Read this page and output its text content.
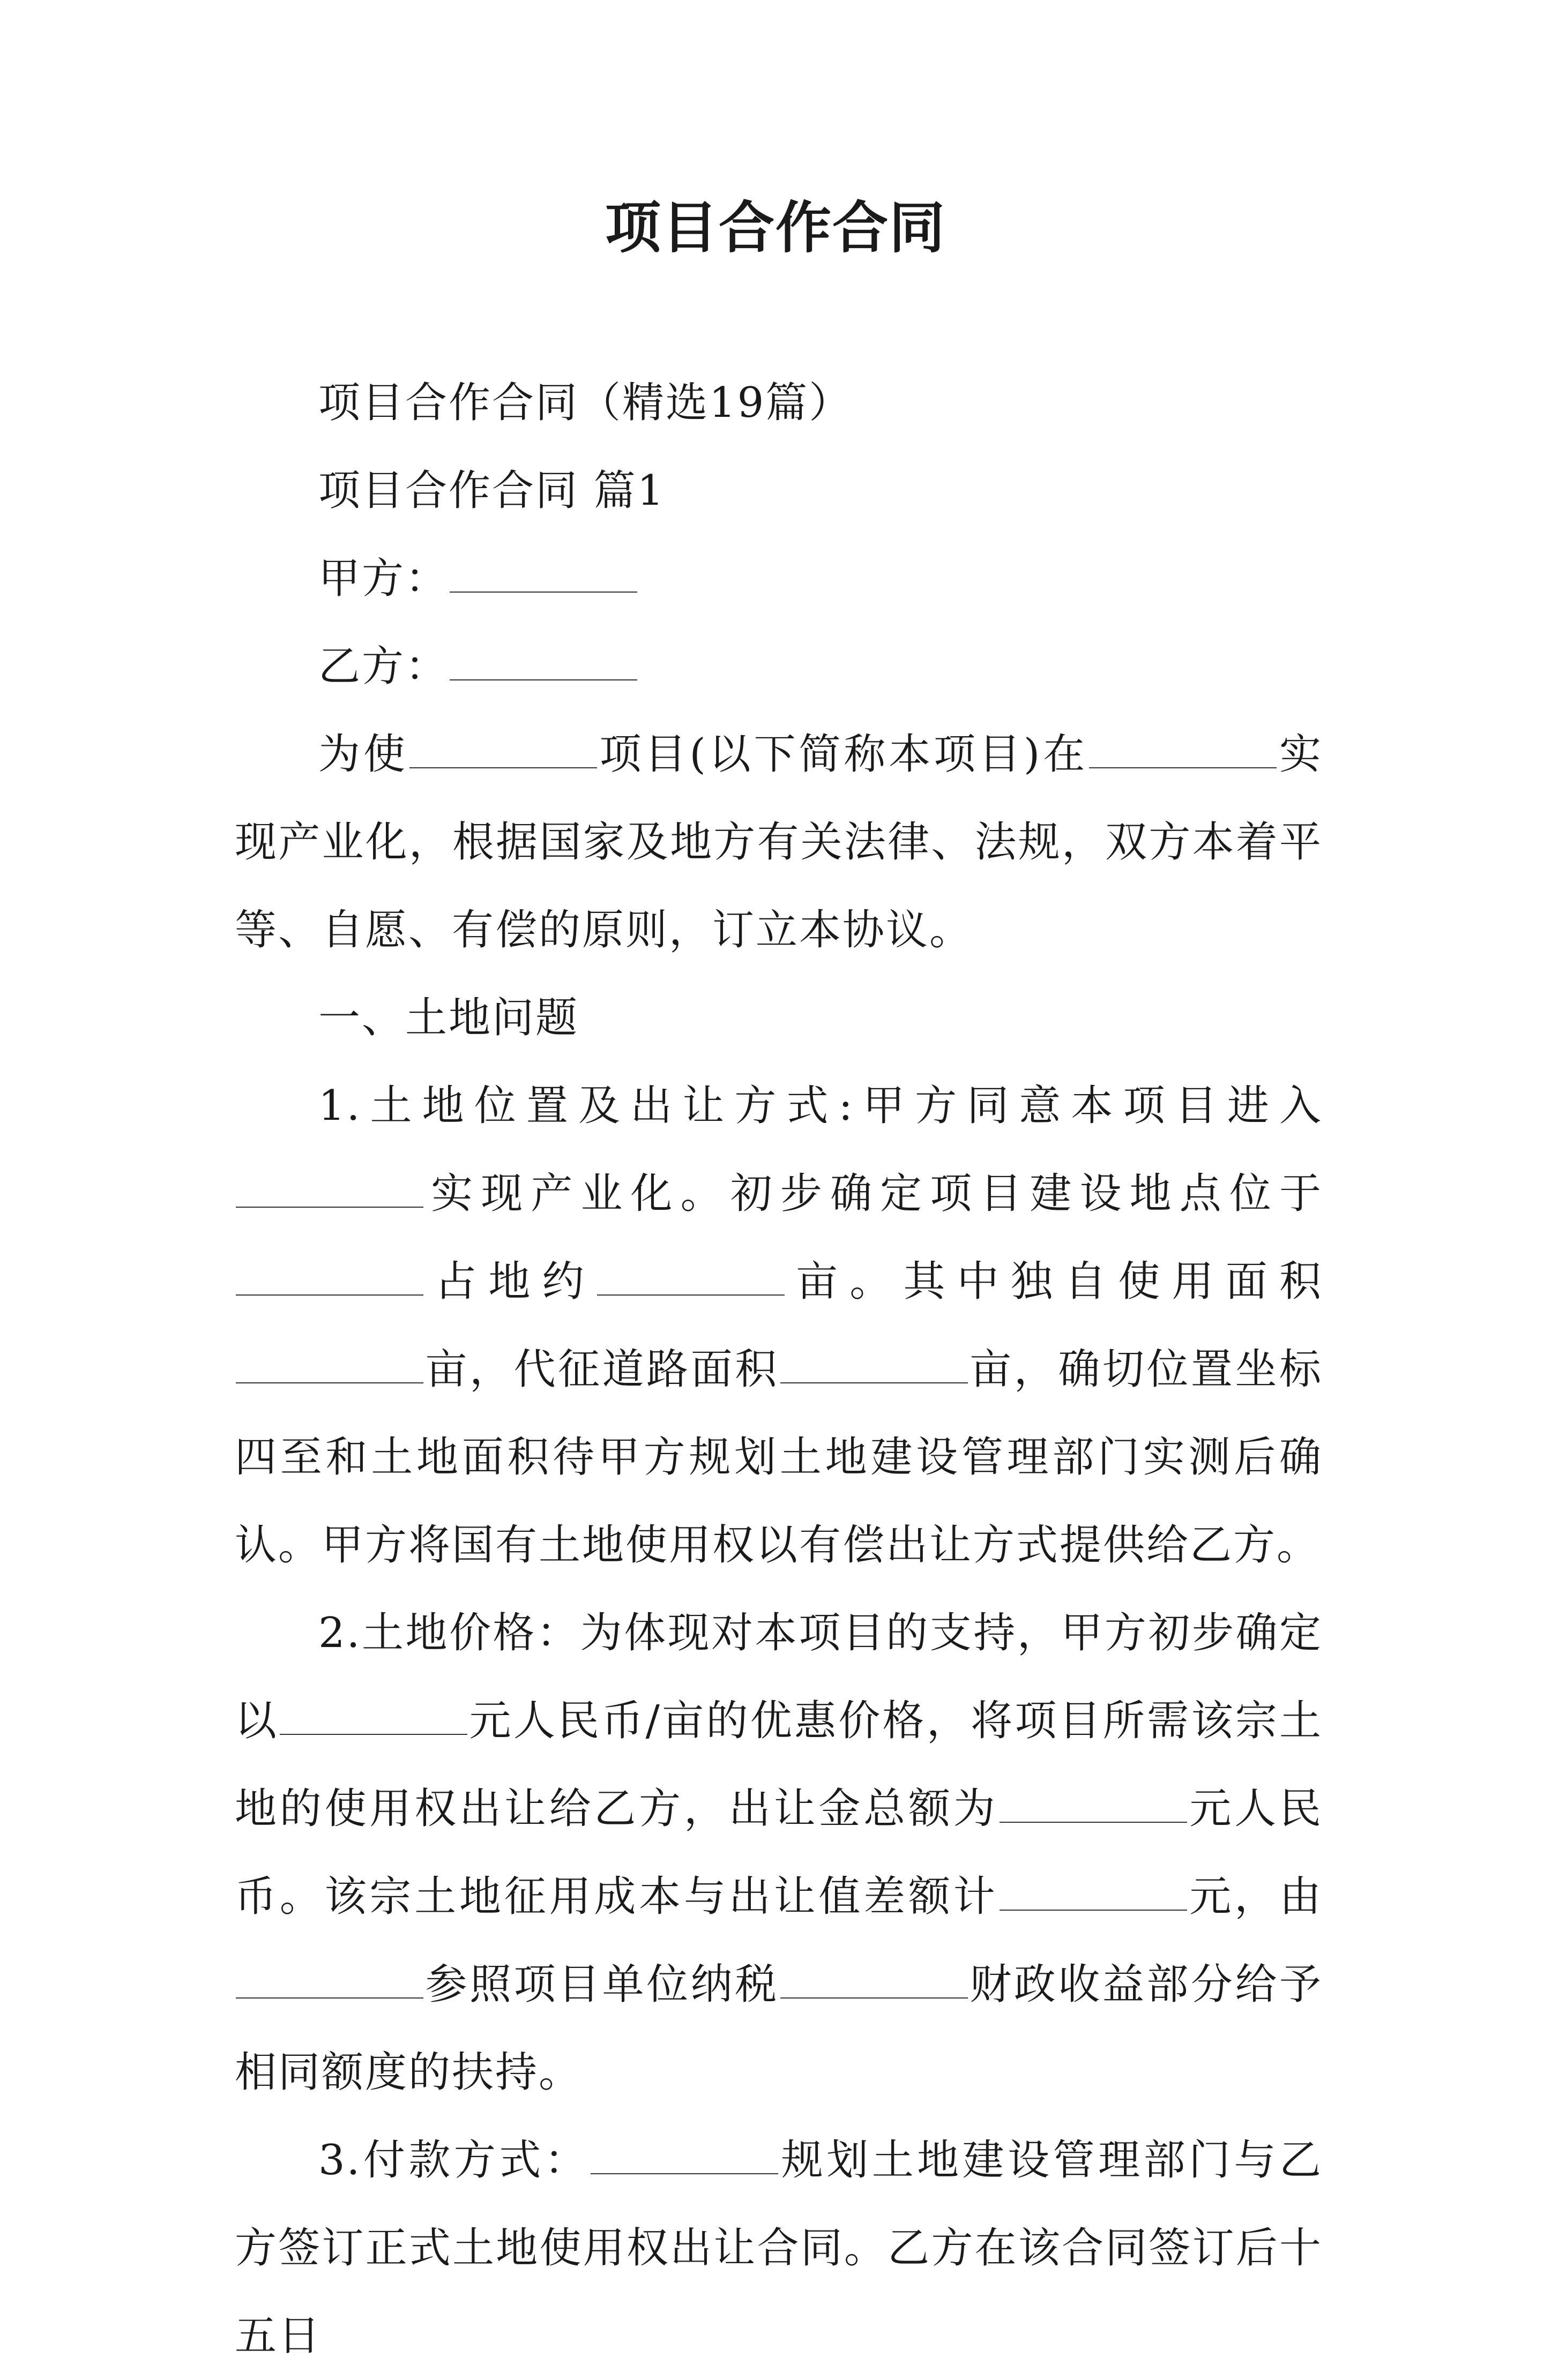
项目合作合同

项目合作合同（精选19篇）

项目合作合同 篇1

甲方：

乙方：

为使	项目(以下简称本项目)在	实现产业化，根据国家及地方有关法律、法规，双方本着平等、自愿、有偿的原则，订立本协议。

一、土地问题

1.土地位置及出让方式:甲方同意本项目进入实现产业化。初步确定项目建设地点位于占地约	亩。其中独自使用面积亩，代征道路面积	亩，确切位置坐标四至和土地面积待甲方规划土地建设管理部门实测后确认。甲方将国有土地使用权以有偿出让方式提供给乙方。

2.土地价格：为体现对本项目的支持，甲方初步确定以	元人民币/亩的优惠价格，将项目所需该宗土地的使用权出让给乙方，出让金总额为	元人民币。该宗土地征用成本与出让值差额计	元，由参照项目单位纳税	财政收益部分给予相同额度的扶持。

3.付款方式：	规划土地建设管理部门与乙方签订正式土地使用权出让合同。乙方在该合同签订后十五日
